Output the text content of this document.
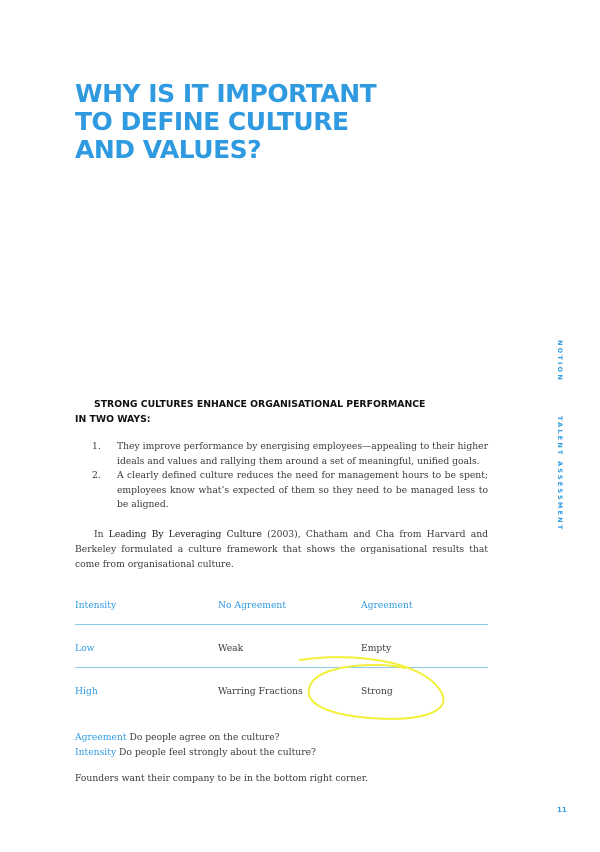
WHY IS IT IMPORTANT
TO DEFINE CULTURE
AND VALUES?
NOTIONTALENT ASSESSMENT
STRONG CULTURES ENHANCE ORGANISATIONAL PERFORMANCE
IN TWO WAYS:
1.	They improve performance by energising employees—appealing to their higher ideals and values and rallying them around a set of meaningful, unified goals.
2.	A clearly defined culture reduces the need for management hours to be spent; employees know what’s expected of them so they need to be managed less to be aligned.
In Leading By Leveraging Culture (2003), Chatham and Cha from Harvard and Berkeley formulated a culture framework that shows the organisational results that come from organisational culture.
Intensity	No Agreement	Agreement
Low	Weak	Empty
High	Warring Fractions	Strong
Agreement Do people agree on the culture?
Intensity Do people feel strongly about the culture?
Founders want their company to be in the bottom right corner.
11
